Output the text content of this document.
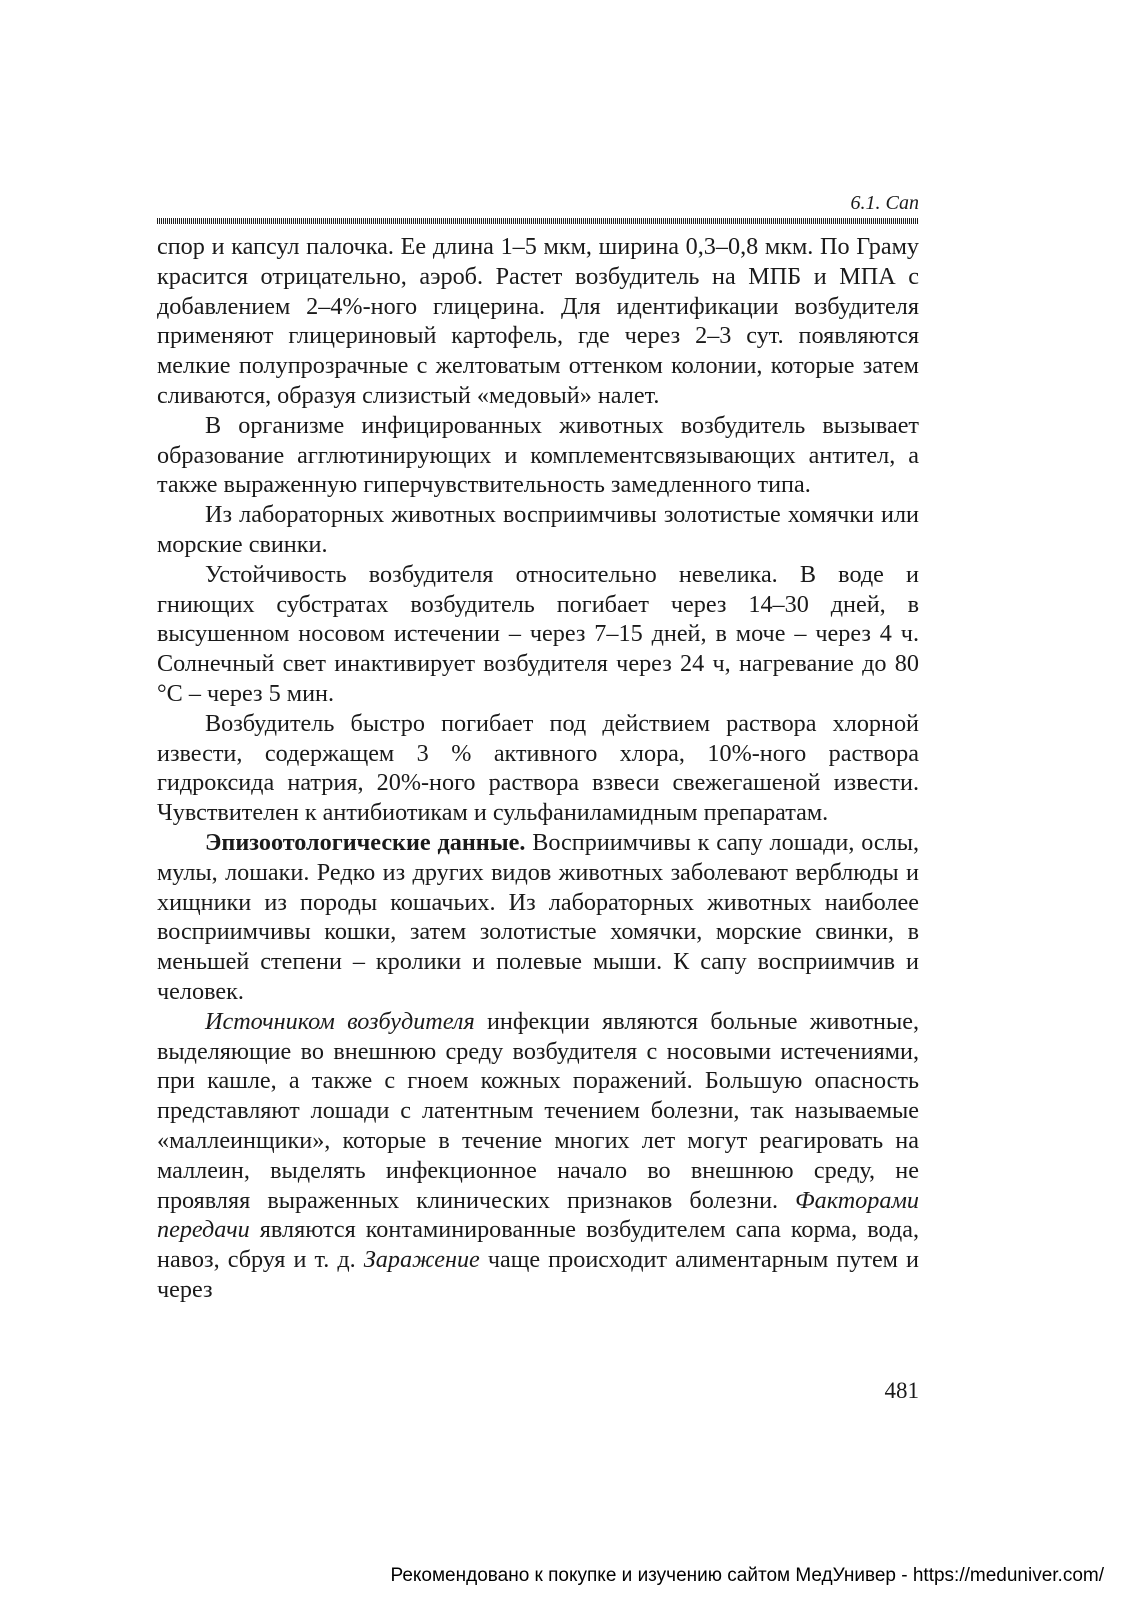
6.1. Сап

спор и капсул палочка. Ее длина 1–5 мкм, ширина 0,3–0,8 мкм. По Граму красится отрицательно, аэроб. Растет возбудитель на МПБ и МПА с добавлением 2–4%-ного глицерина. Для идентификации возбудителя применяют глицериновый картофель, где через 2–3 сут. появляются мелкие полупрозрачные с желтоватым оттенком колонии, которые затем сливаются, образуя слизистый «медовый» налет.

В организме инфицированных животных возбудитель вызывает образование агглютинирующих и комплементсвязывающих антител, а также выраженную гиперчувствительность замедленного типа.

Из лабораторных животных восприимчивы золотистые хомячки или морские свинки.

Устойчивость возбудителя относительно невелика. В воде и гниющих субстратах возбудитель погибает через 14–30 дней, в высушенном носовом истечении – через 7–15 дней, в моче – через 4 ч. Солнечный свет инактивирует возбудителя через 24 ч, нагревание до 80 °С – через 5 мин.

Возбудитель быстро погибает под действием раствора хлорной извести, содержащем 3 % активного хлора, 10%-ного раствора гидроксида натрия, 20%-ного раствора взвеси свежегашеной извести. Чувствителен к антибиотикам и сульфаниламидным препаратам.

Эпизоотологические данные. Восприимчивы к сапу лошади, ослы, мулы, лошаки. Редко из других видов животных заболевают верблюды и хищники из породы кошачьих. Из лабораторных животных наиболее восприимчивы кошки, затем золотистые хомячки, морские свинки, в меньшей степени – кролики и полевые мыши. К сапу восприимчив и человек.

Источником возбудителя инфекции являются больные животные, выделяющие во внешнюю среду возбудителя с носовыми истечениями, при кашле, а также с гноем кожных поражений. Большую опасность представляют лошади с латентным течением болезни, так называемые «маллеинщики», которые в течение многих лет могут реагировать на маллеин, выделять инфекционное начало во внешнюю среду, не проявляя выраженных клинических признаков болезни. Факторами передачи являются контаминированные возбудителем сапа корма, вода, навоз, сбруя и т. д. Заражение чаще происходит алиментарным путем и через

481
Рекомендовано к покупке и изучению сайтом МедУнивер - https://meduniver.com/
